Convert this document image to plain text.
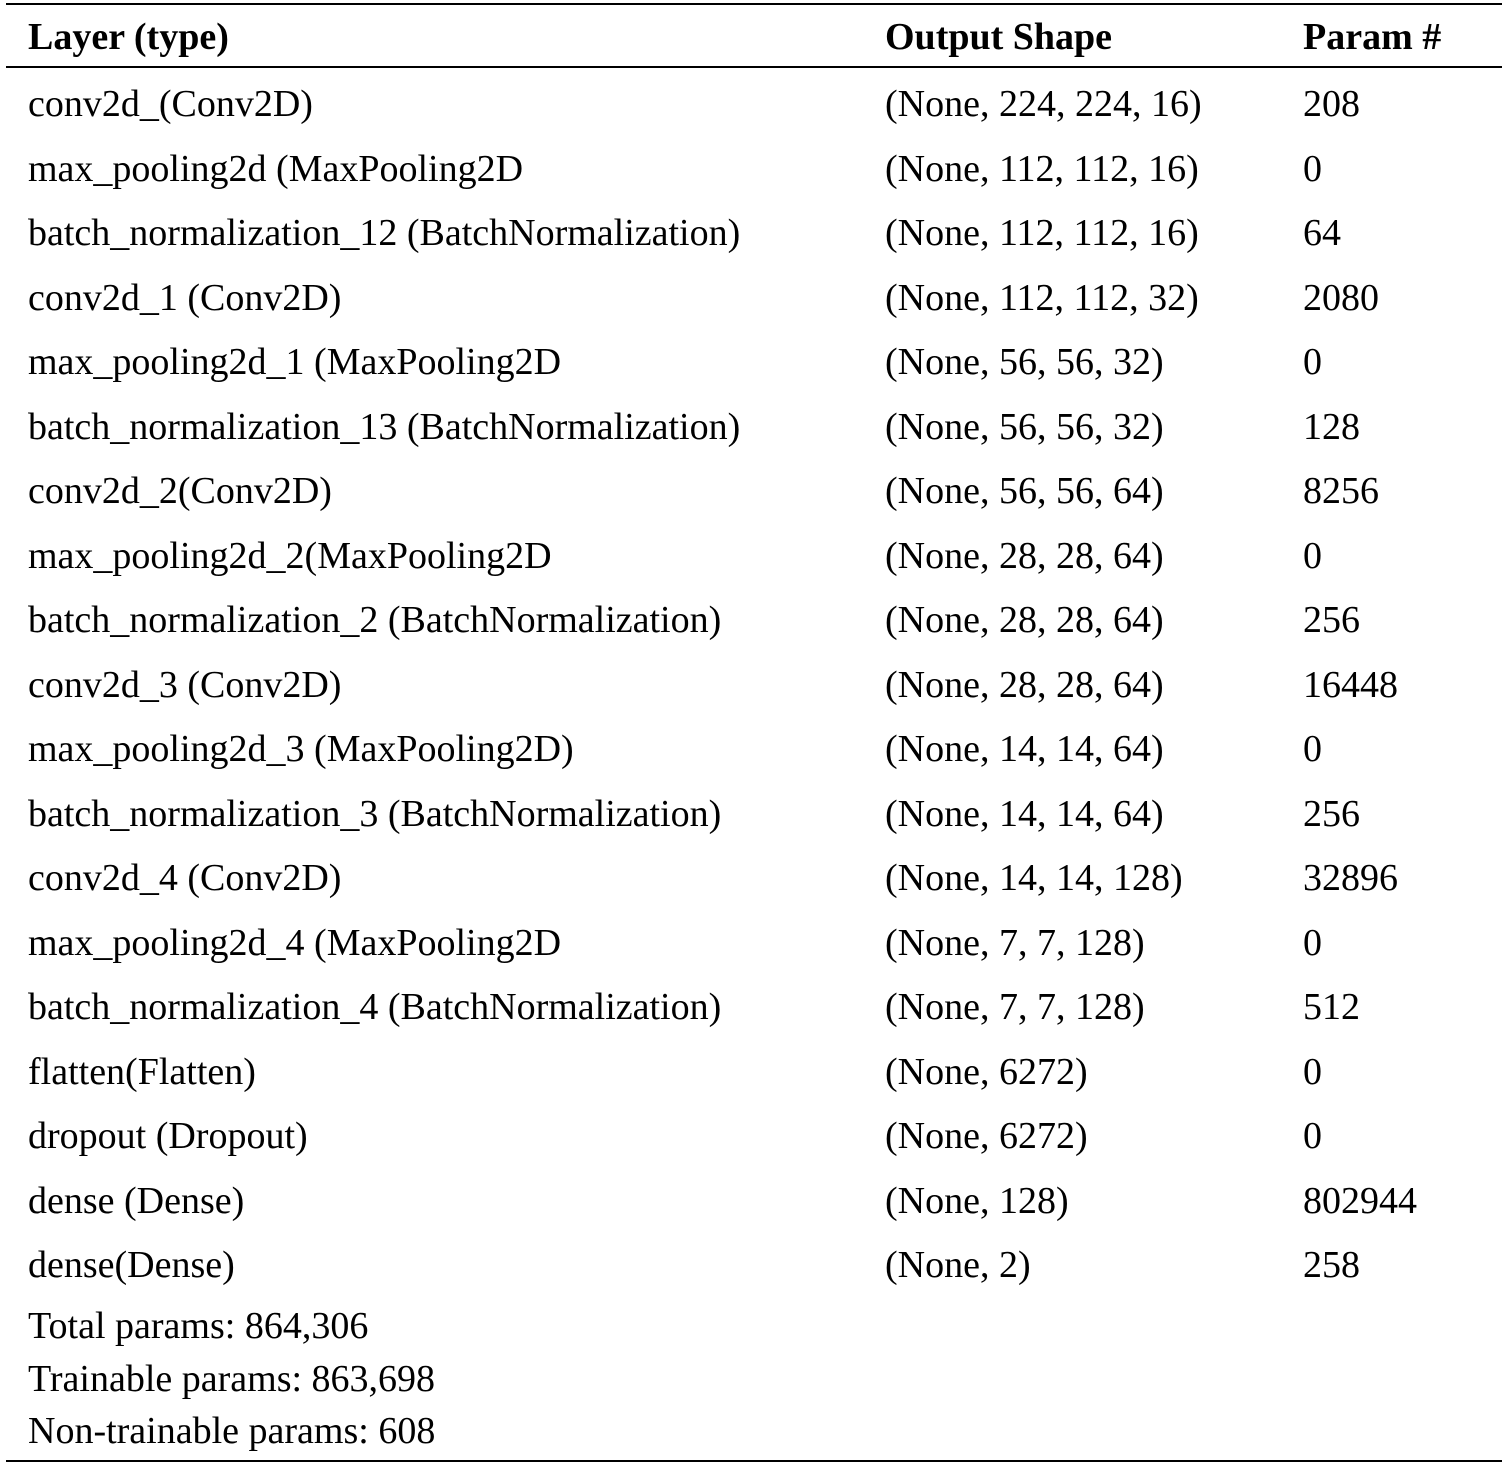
Layer (type)	Output Shape	Param #
conv2d_(Conv2D)	(None, 224, 224, 16)	208
max_pooling2d (MaxPooling2D	(None, 112, 112, 16)	0
batch_normalization_12 (BatchNormalization)	(None, 112, 112, 16)	64
conv2d_1 (Conv2D)	(None, 112, 112, 32)	2080
max_pooling2d_1 (MaxPooling2D	(None, 56, 56, 32)	0
batch_normalization_13 (BatchNormalization)	(None, 56, 56, 32)	128
conv2d_2(Conv2D)	(None, 56, 56, 64)	8256
max_pooling2d_2(MaxPooling2D	(None, 28, 28, 64)	0
batch_normalization_2 (BatchNormalization)	(None, 28, 28, 64)	256
conv2d_3 (Conv2D)	(None, 28, 28, 64)	16448
max_pooling2d_3 (MaxPooling2D)	(None, 14, 14, 64)	0
batch_normalization_3 (BatchNormalization)	(None, 14, 14, 64)	256
conv2d_4 (Conv2D)	(None, 14, 14, 128)	32896
max_pooling2d_4 (MaxPooling2D	(None, 7, 7, 128)	0
batch_normalization_4 (BatchNormalization)	(None, 7, 7, 128)	512
flatten(Flatten)	(None, 6272)	0
dropout (Dropout)	(None, 6272)	0
dense (Dense)	(None, 128)	802944
dense(Dense)	(None, 2)	258
Total params: 864,306
Trainable params: 863,698
Non-trainable params: 608
